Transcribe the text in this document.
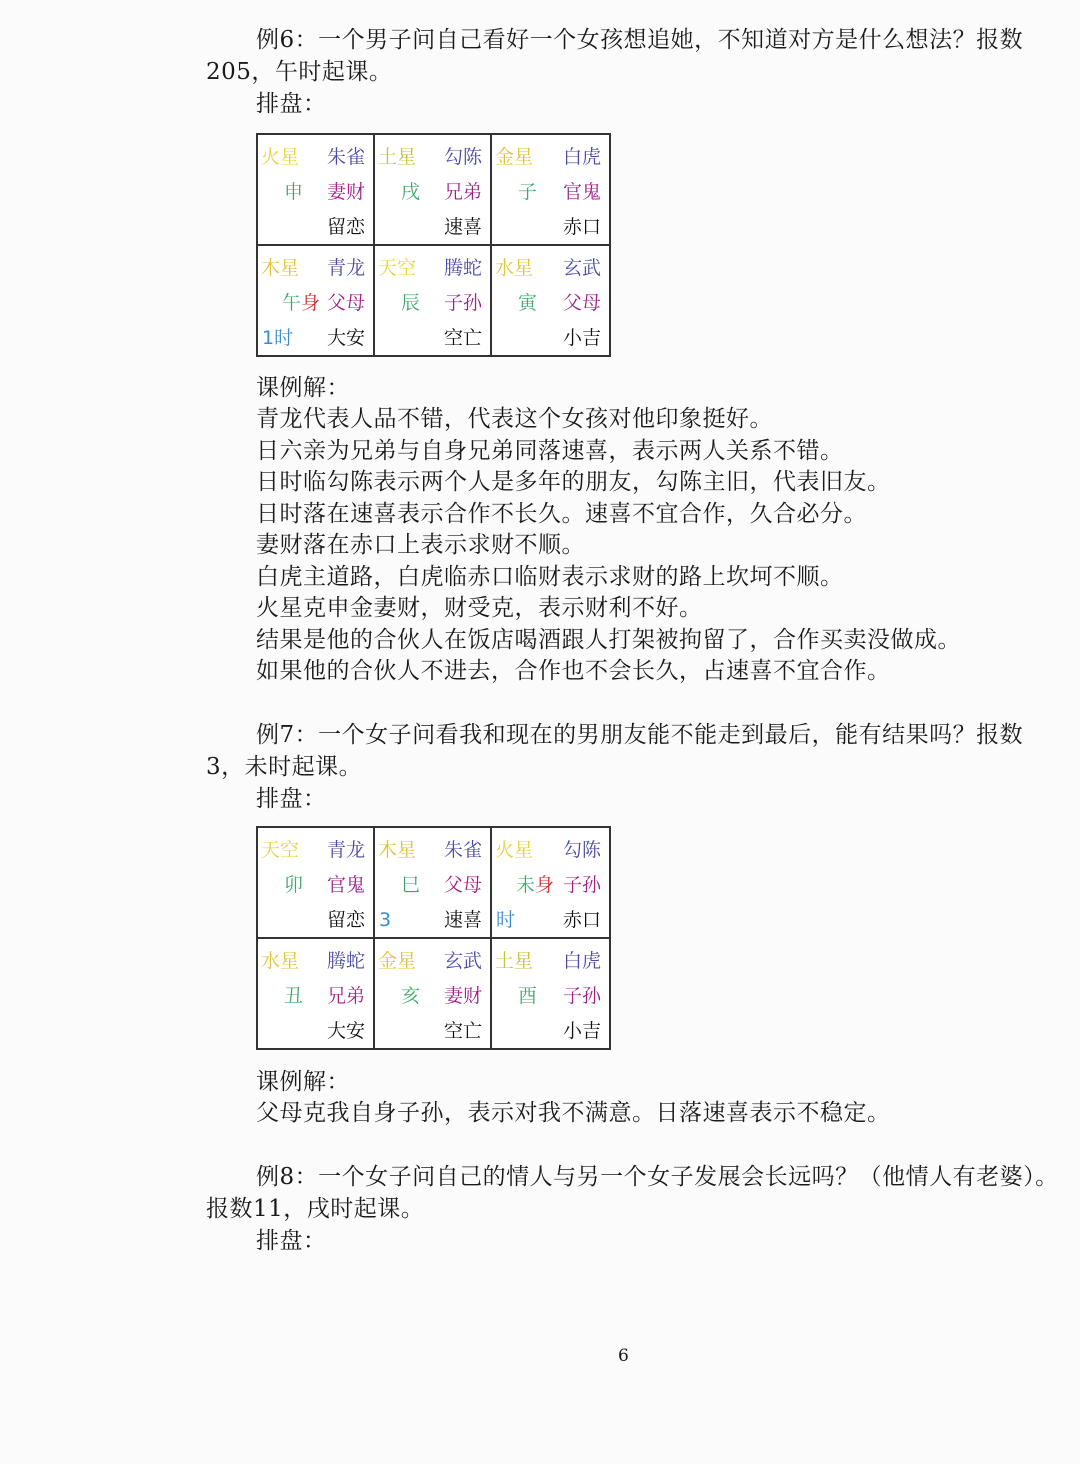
例6：一个男子问自己看好一个女孩想追她，不知道对方是什么想法？报数
205，午时起课。
排盘：
火星 朱雀
妻财
留恋
申
土星 勾陈
兄弟
速喜
戌
金星 白虎
官鬼
赤口
子
木星 青龙
父母
1时 大安
午身
天空 腾蛇
子孙
空亡
辰
水星 玄武
父母
小吉
寅
课例解：
青龙代表人品不错，代表这个女孩对他印象挺好。
日六亲为兄弟与自身兄弟同落速喜，表示两人关系不错。
日时临勾陈表示两个人是多年的朋友，勾陈主旧，代表旧友。
日时落在速喜表示合作不长久。速喜不宜合作，久合必分。
妻财落在赤口上表示求财不顺。
白虎主道路，白虎临赤口临财表示求财的路上坎坷不顺。
火星克申金妻财，财受克，表示财利不好。
结果是他的合伙人在饭店喝酒跟人打架被拘留了，合作买卖没做成。
如果他的合伙人不进去，合作也不会长久，占速喜不宜合作。
例7：一个女子问看我和现在的男朋友能不能走到最后，能有结果吗？报数
3，未时起课。
排盘：
天空 青龙
官鬼
留恋
卯
木星 朱雀
父母
3	速喜
巳
火星 勾陈
子孙
时	赤口
未身
水星 腾蛇
兄弟
大安
丑
金星 玄武
妻财
空亡
亥
土星 白虎
子孙
小吉
酉
课例解：
父母克我自身子孙，表示对我不满意。日落速喜表示不稳定。
例8：一个女子问自己的情人与另一个女子发展会长远吗？（他情人有老婆）。
报数11，戌时起课。
排盘：
6
